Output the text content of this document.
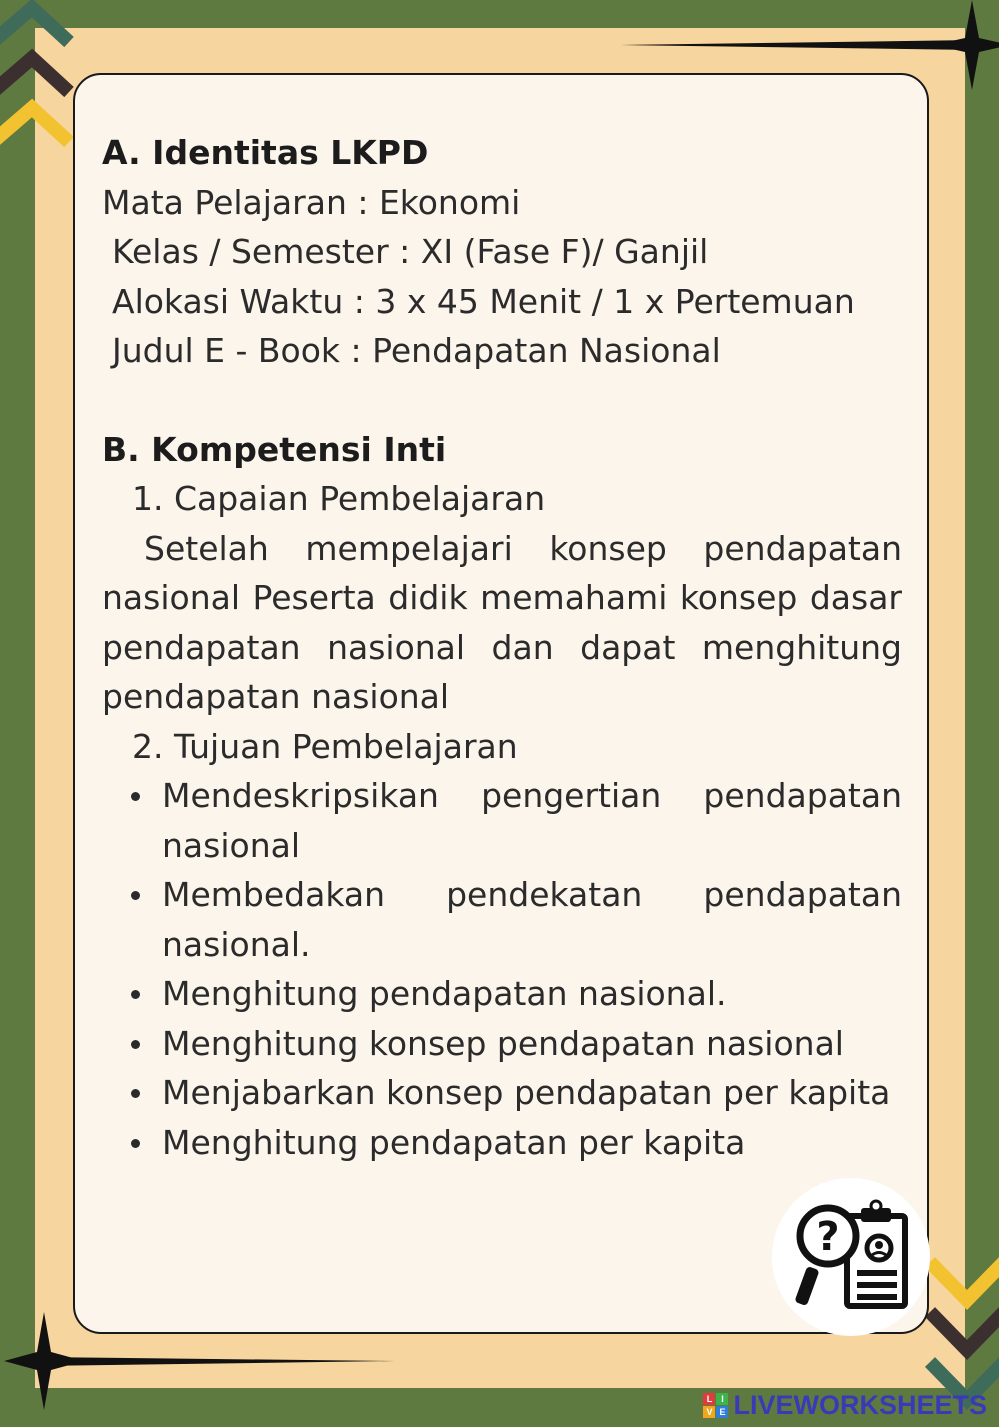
A. Identitas LKPD

Mata Pelajaran : Ekonomi

Kelas / Semester : XI (Fase F)/ Ganjil

Alokasi Waktu : 3 x 45 Menit / 1 x Pertemuan

Judul E - Book : Pendapatan Nasional

B. Kompetensi Inti

1. Capaian Pembelajaran

Setelah mempelajari konsep pendapatan nasional Peserta didik memahami konsep dasar pendapatan nasional dan dapat menghitung pendapatan nasional

2. Tujuan Pembelajaran

Mendeskripsikan pengertian pendapatan nasional
Membedakan pendekatan pendapatan nasional.
Menghitung pendapatan nasional.
Menghitung konsep pendapatan nasional
Menjabarkan konsep pendapatan per kapita
Menghitung pendapatan per kapita
?
L I
V E LIVEWORKSHEETS
